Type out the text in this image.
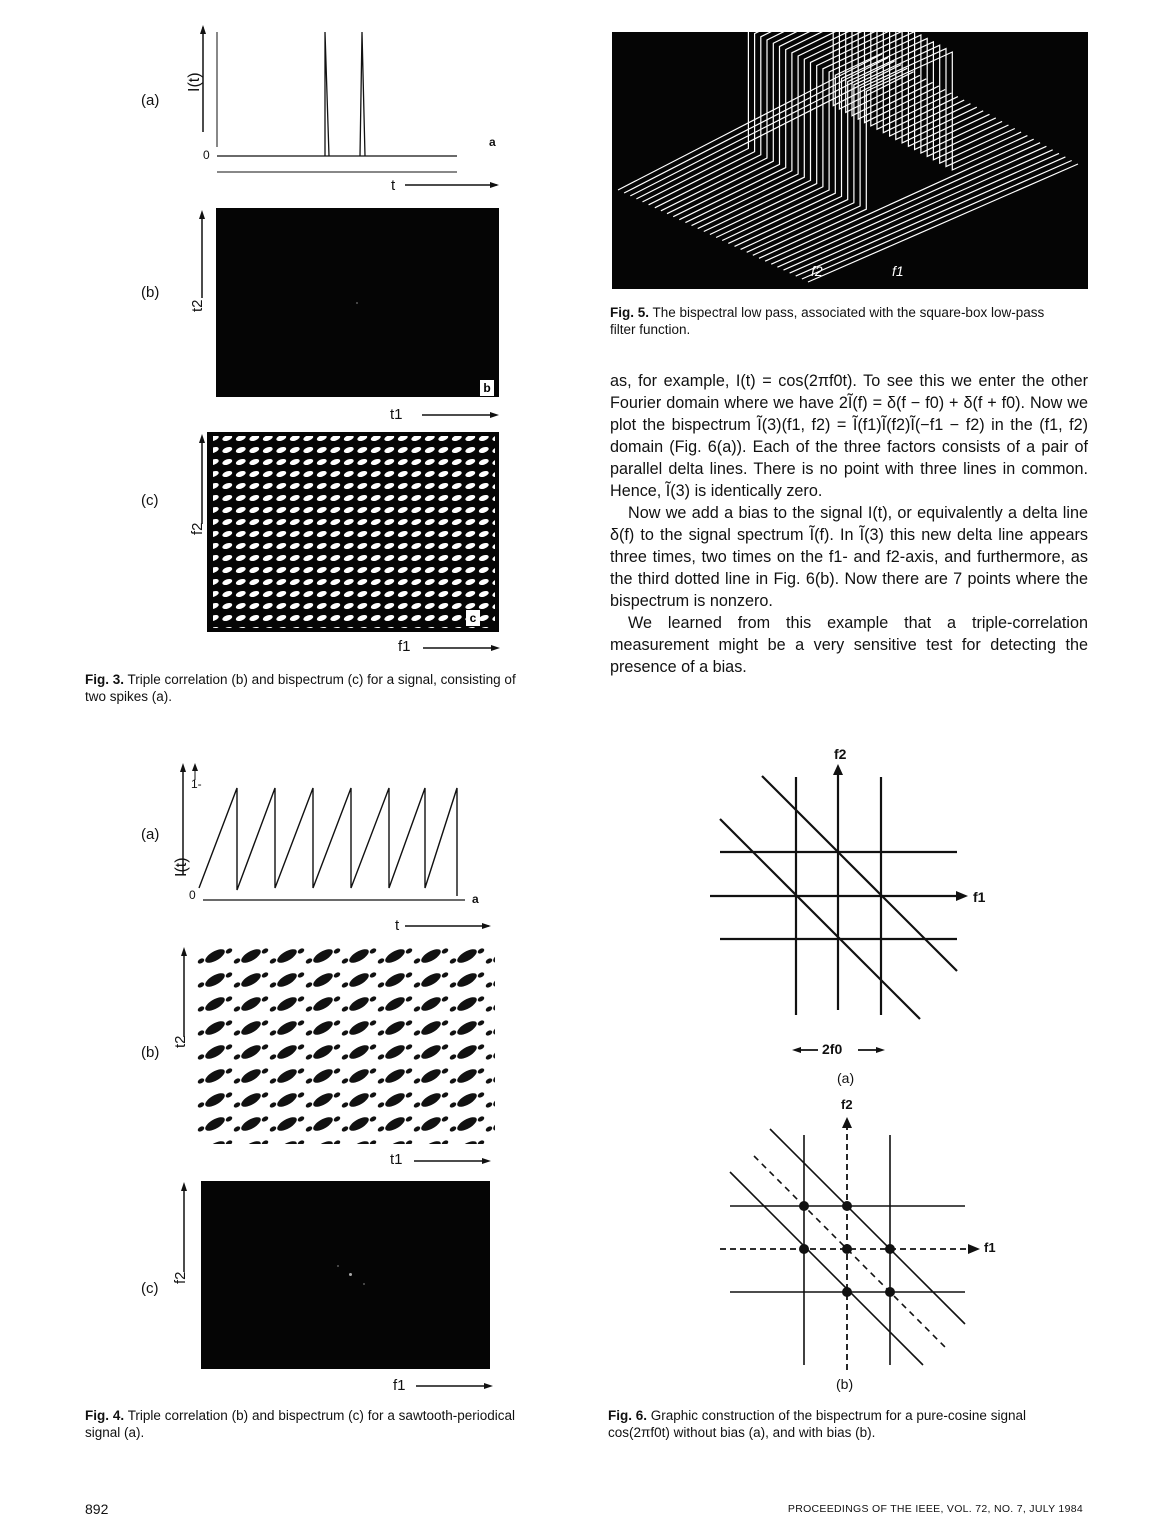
(a)
I(t)
0
a
t
(b)
t2
b
t1
(c)
f2
c
f1
Fig. 3. Triple correlation (b) and bispectrum (c) for a signal, consisting of two spikes (a).
f2	f1
Fig. 5. The bispectral low pass, associated with the square-box low-pass filter function.

as, for example, I(t) = cos(2πf0t). To see this we enter the other Fourier domain where we have 2Ĩ(f) = δ(f − f0) + δ(f + f0). Now we plot the bispectrum Ĩ(3)(f1, f2) = Ĩ(f1)Ĩ(f2)Ĩ(−f1 − f2) in the (f1, f2) domain (Fig. 6(a)). Each of the three factors consists of a pair of parallel delta lines. There is no point with three lines in common. Hence, Ĩ(3) is identically zero.

Now we add a bias to the signal I(t), or equivalently a delta line δ(f) to the signal spectrum Ĩ(f). In Ĩ(3) this new delta line appears three times, two times on the f1- and f2-axis, and furthermore, as the third dotted line in Fig. 6(b). Now there are 7 points where the bispectrum is nonzero.

We learned from this example that a triple-correlation measurement might be a very sensitive test for detecting the presence of a bias.

(a)
1-
I(t)
0	a
t
(b)
t2
t1
(c)
f2
f1
Fig. 4. Triple correlation (b) and bispectrum (c) for a sawtooth-periodical signal (a).
f2
f1
2f0
(a)
f2
f1
(b)
Fig. 6. Graphic construction of the bispectrum for a pure-cosine signal cos(2πf0t) without bias (a), and with bias (b).
892	PROCEEDINGS OF THE IEEE, VOL. 72, NO. 7, JULY 1984
